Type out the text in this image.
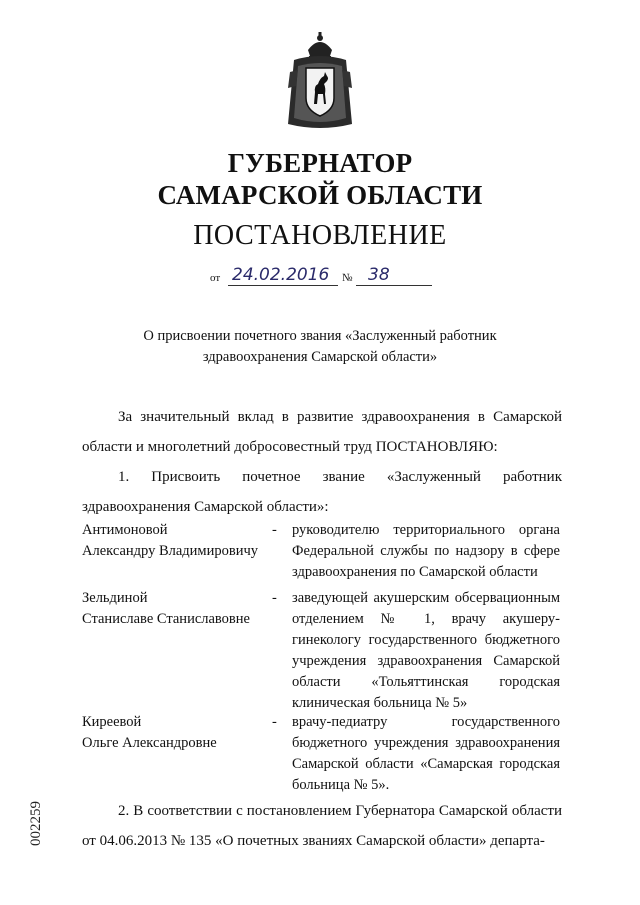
ГУБЕРНАТОР
САМАРСКОЙ ОБЛАСТИ
ПОСТАНОВЛЕНИЕ
от 24.02.2016 № 38
О присвоении почетного звания «Заслуженный работник
здравоохранения Самарской области»
За значительный вклад в развитие здравоохранения в Самарской области и многолетний добросовестный труд ПОСТАНОВЛЯЮ:
1. Присвоить почетное звание «Заслуженный работник здравоохранения Самарской области»:
Антимоновой
Александру Владимировичу
- руководителю территориального органа Федеральной службы по надзору в сфере здравоохранения по Самарской области
Зельдиной
Станиславе Станиславовне
- заведующей акушерским обсервационным отделением № 1, врачу акушеру-гинекологу государственного бюджетного учреждения здравоохранения Самарской области «Тольяттинская городская клиническая больница № 5»
Киреевой
Ольге Александровне
- врачу-педиатру государственного бюджетного учреждения здравоохранения Самарской области «Самарская городская больница № 5».
2. В соответствии с постановлением Губернатора Самарской области от 04.06.2013 № 135 «О почетных званиях Самарской области» департа-
002259
